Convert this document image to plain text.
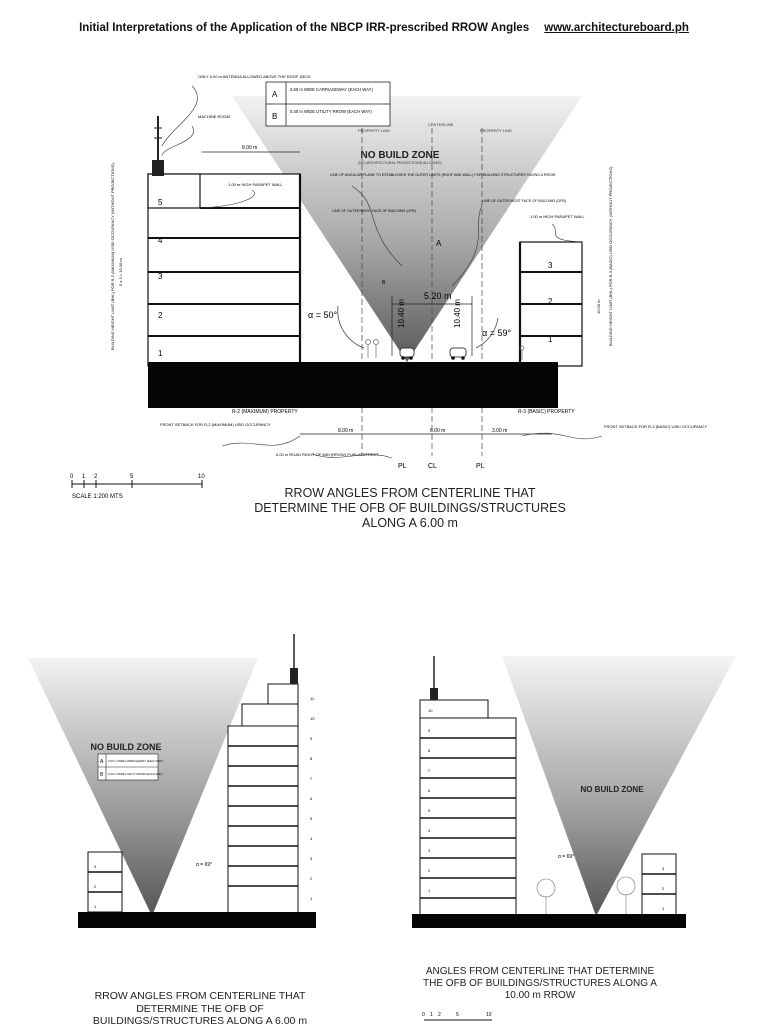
Initial Interpretations of the Application of the NBCP IRR-prescribed RROW Angles www.architectureboard.ph
PROPERTY LINE
CENTERLINE
PROPERTY LINE
A
B
2.60 m WIDE CARRIAGEWAY (EACH WAY)
0.40 m WIDE UTILITY RROW (EACH WAY)
NO BUILD ZONE
(NO ARCHITECTURAL PROJECTIONS ALLOWED)
5
4
3
2
1
3
2
1
8.00 m
5.20 m
10.40 m	10.40 m
A
B
α = 50°
α = 59°
BUILDING HEIGHT LIMIT (BHL) FOR R-2 (MAXIMUM) USE/ OCCUPANCY (WITHOUT PROJECTIONS) 5 x 3 = 15.00 m	BUILDING HEIGHT LIMIT (BHL) FOR R-3 (BASIC) USE/ OCCUPANCY (WITHOUT PROJECTIONS)
10.00 m
ONLY 6.00 m ANTENNA ALLOWED ABOVE THE ROOF DECK
MACHINE ROOM
1.00 m HIGH PARAPET WALL
1.00 m HIGH PARAPET WALL
LINE OF ANGULAR PLANE TO ESTABLISHED THE OUTER LIMITS (ROOF AND WALL) FOR BUILDING STRUCTURES FACING A RROW
LINE OF OUTER MOST FACE OF BUILDING (OFB)
LINE OF OUTER MOST FACE OF BUILDING (OFB)
R-2 (MAXIMUM) PROPERTY	R-3 (BASIC) PROPERTY
FRONT SETBACK FOR R-2 (MAXIMUM) USE/ OCCUPANCY	FRONT SETBACK FOR R-3 (BASIC) USE/ OCCUPANCY
8.00 m	6.00 m	3.00 m
6.00 m ROAD RIGHT OF WAY(RROW) PUBLIC STREET
PL	CL	PL
0 1 2	5	10
SCALE 1:200 MTS	RROW ANGLES FROM CENTERLINE THAT DETERMINE THE OFB OF BUILDINGS/STRUCTURES ALONG A 6.00 m
NO BUILD ZONE
A
B
2.60 m WIDE CARRIAGEWAY (EACH WAY)
0.40 m WIDE UTILITY RROW (EACH WAY)
11
10
9
8
7
6
5
4
3
2
1
3
2
1
α = 69°
RROW ANGLES FROM CENTERLINE THAT DETERMINE THE OFB OF BUILDINGS/STRUCTURES ALONG A 6.00 m
NO BUILD ZONE
10
9
8
7
6
5
4
3
2
1
3
2
1
α = 69°
0 1 2	5	10
ANGLES FROM CENTERLINE THAT DETERMINE THE OFB OF BUILDINGS/STRUCTURES ALONG A 10.00 m RROW
